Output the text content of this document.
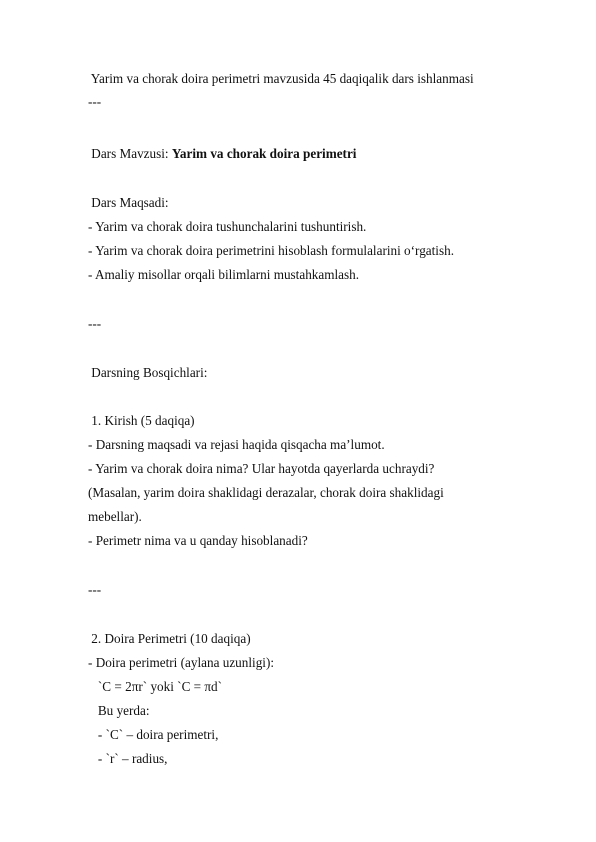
Yarim va chorak doira perimetri mavzusida 45 daqiqalik dars ishlanmasi
---
Dars Mavzusi: Yarim va chorak doira perimetri
Dars Maqsadi:
- Yarim va chorak doira tushunchalarini tushuntirish.
- Yarim va chorak doira perimetrini hisoblash formulalarini o‘rgatish.
- Amaliy misollar orqali bilimlarni mustahkamlash.
---
Darsning Bosqichlari:
1. Kirish (5 daqiqa)
- Darsning maqsadi va rejasi haqida qisqacha ma’lumot.
- Yarim va chorak doira nima? Ular hayotda qayerlarda uchraydi?
(Masalan, yarim doira shaklidagi derazalar, chorak doira shaklidagi
mebellar).
- Perimetr nima va u qanday hisoblanadi?
---
2. Doira Perimetri (10 daqiqa)
- Doira perimetri (aylana uzunligi):
`C = 2πr` yoki `C = πd`
Bu yerda:
- `C` – doira perimetri,
- `r` – radius,
